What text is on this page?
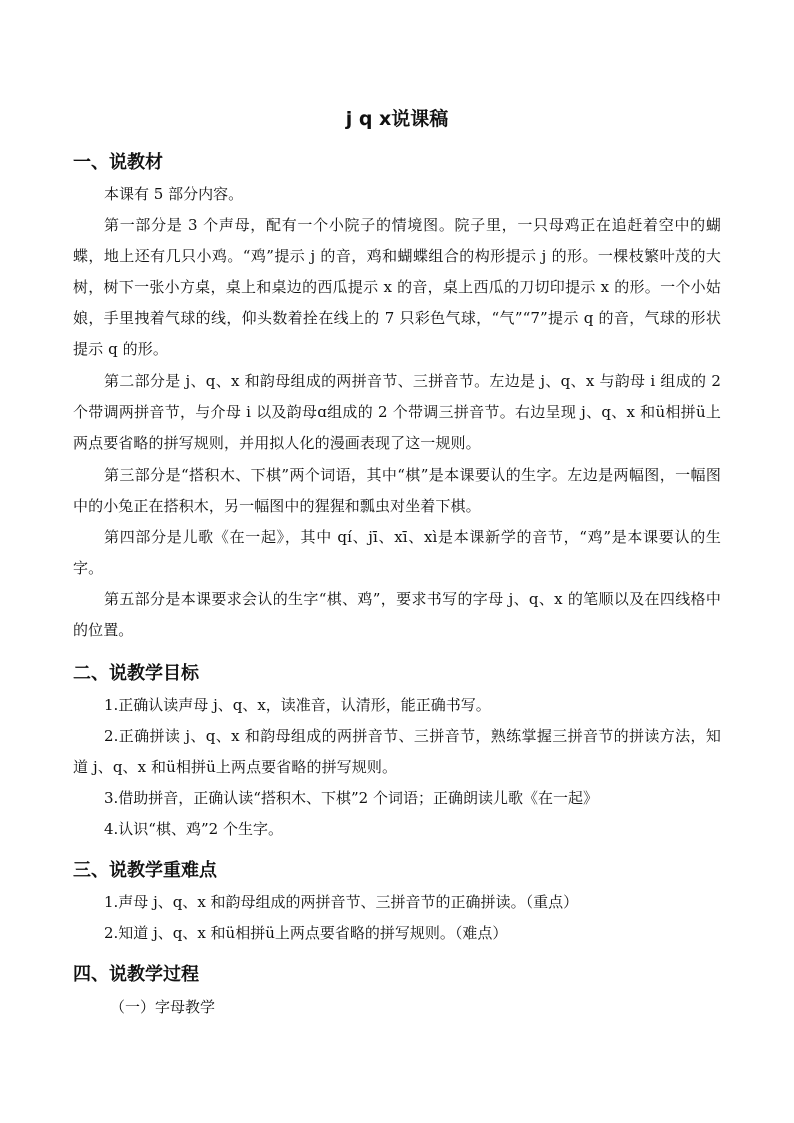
j q x说课稿
一、说教材
本课有 5 部分内容。
第一部分是 3 个声母，配有一个小院子的情境图。院子里，一只母鸡正在追赶着空中的蝴蝶，地上还有几只小鸡。“鸡”提示 j 的音，鸡和蝴蝶组合的构形提示 j 的形。一棵枝繁叶茂的大树，树下一张小方桌，桌上和桌边的西瓜提示 x 的音，桌上西瓜的刀切印提示 x 的形。一个小姑娘，手里拽着气球的线，仰头数着拴在线上的 7 只彩色气球，“气”“7”提示 q 的音，气球的形状提示 q 的形。
第二部分是 j、q、x 和韵母组成的两拼音节、三拼音节。左边是 j、q、x 与韵母 i 组成的 2 个带调两拼音节，与介母 i 以及韵母ɑ组成的 2 个带调三拼音节。右边呈现 j、q、x 和ü相拼ü上两点要省略的拼写规则，并用拟人化的漫画表现了这一规则。
第三部分是“搭积木、下棋”两个词语，其中“棋”是本课要认的生字。左边是两幅图，一幅图中的小兔正在搭积木，另一幅图中的猩猩和瓢虫对坐着下棋。
第四部分是儿歌《在一起》，其中 qí、jī、xī、xì是本课新学的音节，“鸡”是本课要认的生字。
第五部分是本课要求会认的生字“棋、鸡”，要求书写的字母 j、q、x 的笔顺以及在四线格中的位置。
二、说教学目标
1.正确认读声母 j、q、x，读准音，认清形，能正确书写。
2.正确拼读 j、q、x 和韵母组成的两拼音节、三拼音节，熟练掌握三拼音节的拼读方法，知道 j、q、x 和ü相拼ü上两点要省略的拼写规则。
3.借助拼音，正确认读“搭积木、下棋”2 个词语；正确朗读儿歌《在一起》
4.认识“棋、鸡”2 个生字。
三、说教学重难点
1.声母 j、q、x 和韵母组成的两拼音节、三拼音节的正确拼读。（重点）
2.知道 j、q、x 和ü相拼ü上两点要省略的拼写规则。（难点）
四、说教学过程
（一）字母教学
